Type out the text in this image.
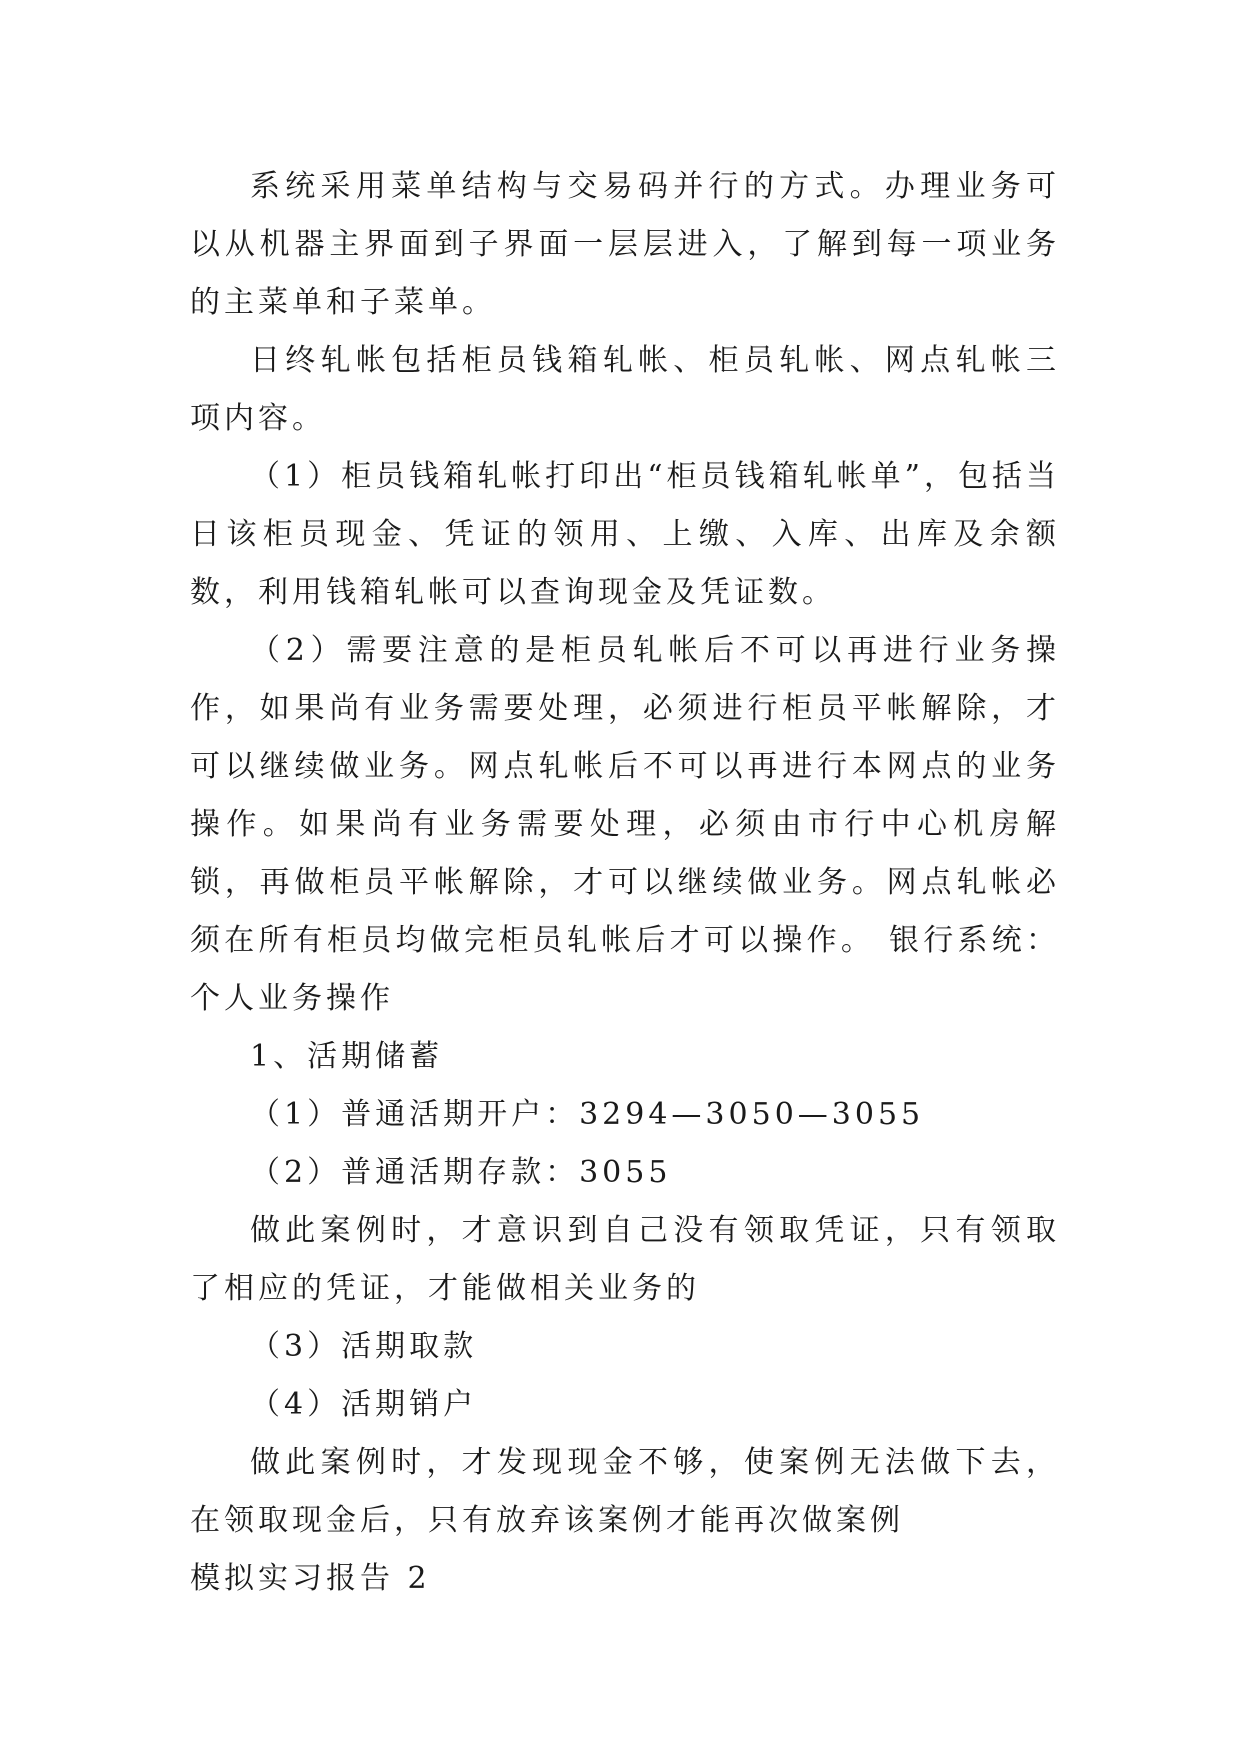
系统采用菜单结构与交易码并行的方式。办理业务可以从机器主界面到子界面一层层进入，了解到每一项业务的主菜单和子菜单。

日终轧帐包括柜员钱箱轧帐、柜员轧帐、网点轧帐三项内容。

（1）柜员钱箱轧帐打印出“柜员钱箱轧帐单”，包括当日该柜员现金、凭证的领用、上缴、入库、出库及余额数，利用钱箱轧帐可以查询现金及凭证数。

（2）需要注意的是柜员轧帐后不可以再进行业务操作，如果尚有业务需要处理，必须进行柜员平帐解除，才可以继续做业务。网点轧帐后不可以再进行本网点的业务操作。如果尚有业务需要处理，必须由市行中心机房解锁，再做柜员平帐解除，才可以继续做业务。网点轧帐必须在所有柜员均做完柜员轧帐后才可以操作。 银行系统：个人业务操作

1、活期储蓄

（1）普通活期开户：3294—3050—3055

（2）普通活期存款：3055

做此案例时，才意识到自己没有领取凭证，只有领取了相应的凭证，才能做相关业务的

（3）活期取款

（4）活期销户

做此案例时，才发现现金不够，使案例无法做下去，在领取现金后，只有放弃该案例才能再次做案例

模拟实习报告 2
